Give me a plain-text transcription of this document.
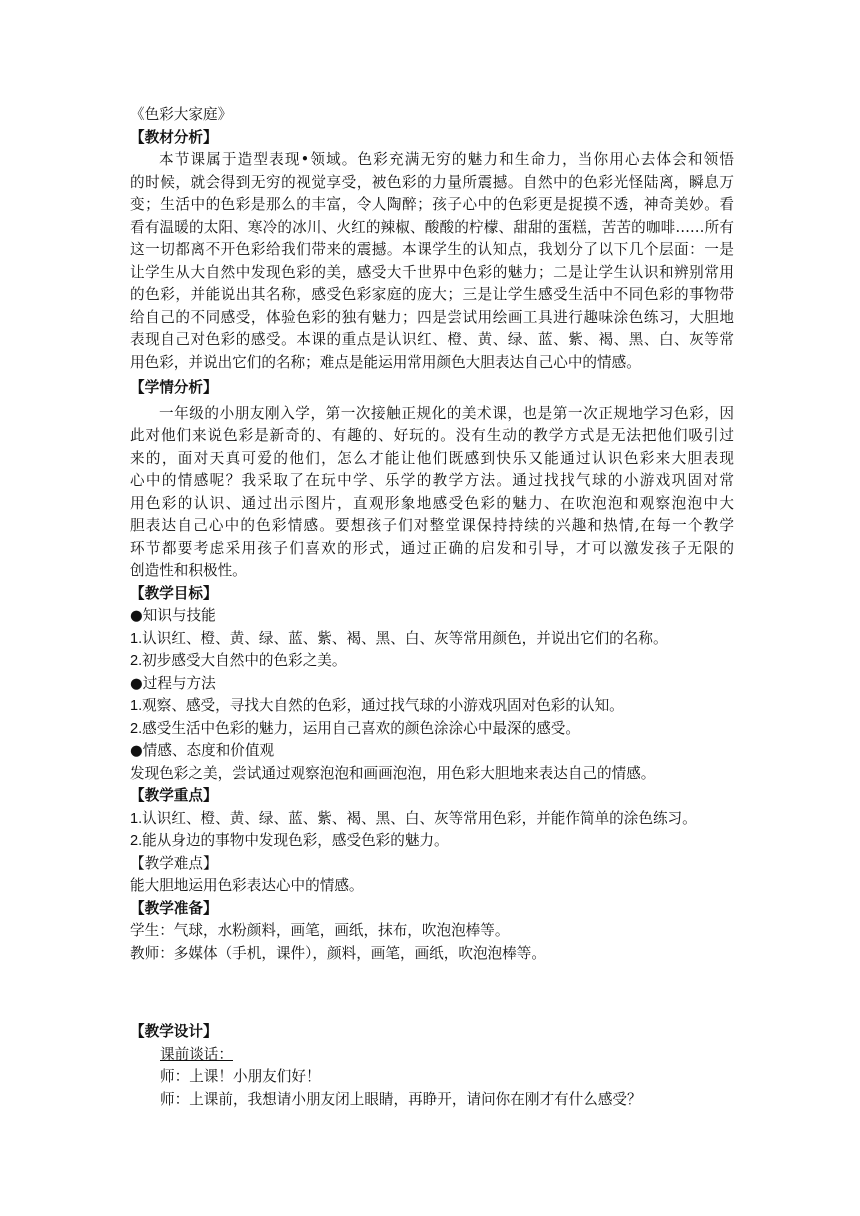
《色彩大家庭》
【教材分析】
本节课属于造型表现•领域。色彩充满无穷的魅力和生命力，当你用心去体会和领悟
的时候，就会得到无穷的视觉享受，被色彩的力量所震撼。自然中的色彩光怪陆离，瞬息万
变；生活中的色彩是那么的丰富，令人陶醉；孩子心中的色彩更是捉摸不透，神奇美妙。看
看有温暖的太阳、寒冷的冰川、火红的辣椒、酸酸的柠檬、甜甜的蛋糕，苦苦的咖啡……所有
这一切都离不开色彩给我们带来的震撼。本课学生的认知点，我划分了以下几个层面：一是
让学生从大自然中发现色彩的美，感受大千世界中色彩的魅力；二是让学生认识和辨别常用
的色彩，并能说出其名称，感受色彩家庭的庞大；三是让学生感受生活中不同色彩的事物带
给自己的不同感受，体验色彩的独有魅力；四是尝试用绘画工具进行趣味涂色练习，大胆地
表现自己对色彩的感受。本课的重点是认识红、橙、黄、绿、蓝、紫、褐、黑、白、灰等常
用色彩，并说出它们的名称；难点是能运用常用颜色大胆表达自己心中的情感。
【学情分析】
一年级的小朋友刚入学，第一次接触正规化的美术课，也是第一次正规地学习色彩，因
此对他们来说色彩是新奇的、有趣的、好玩的。没有生动的教学方式是无法把他们吸引过
来的，面对天真可爱的他们，怎么才能让他们既感到快乐又能通过认识色彩来大胆表现
心中的情感呢？我采取了在玩中学、乐学的教学方法。通过找找气球的小游戏巩固对常
用色彩的认识、通过出示图片，直观形象地感受色彩的魅力、在吹泡泡和观察泡泡中大
胆表达自己心中的色彩情感。要想孩子们对整堂课保持持续的兴趣和热情,在每一个教学
环节都要考虑采用孩子们喜欢的形式，通过正确的启发和引导，才可以激发孩子无限的
创造性和积极性。
【教学目标】
●知识与技能
1.认识红、橙、黄、绿、蓝、紫、褐、黑、白、灰等常用颜色，并说出它们的名称。
2.初步感受大自然中的色彩之美。
●过程与方法
1.观察、感受，寻找大自然的色彩，通过找气球的小游戏巩固对色彩的认知。
2.感受生活中色彩的魅力，运用自己喜欢的颜色涂涂心中最深的感受。
●情感、态度和价值观
发现色彩之美，尝试通过观察泡泡和画画泡泡，用色彩大胆地来表达自己的情感。
【教学重点】
1.认识红、橙、黄、绿、蓝、紫、褐、黑、白、灰等常用色彩，并能作简单的涂色练习。
2.能从身边的事物中发现色彩，感受色彩的魅力。
【教学难点】
能大胆地运用色彩表达心中的情感。
【教学准备】
学生：气球，水粉颜料，画笔，画纸，抹布，吹泡泡棒等。
教师：多媒体（手机，课件），颜料，画笔，画纸，吹泡泡棒等。
【教学设计】
课前谈话：
师：上课！小朋友们好！
师：上课前，我想请小朋友闭上眼睛，再睁开，请问你在刚才有什么感受？
